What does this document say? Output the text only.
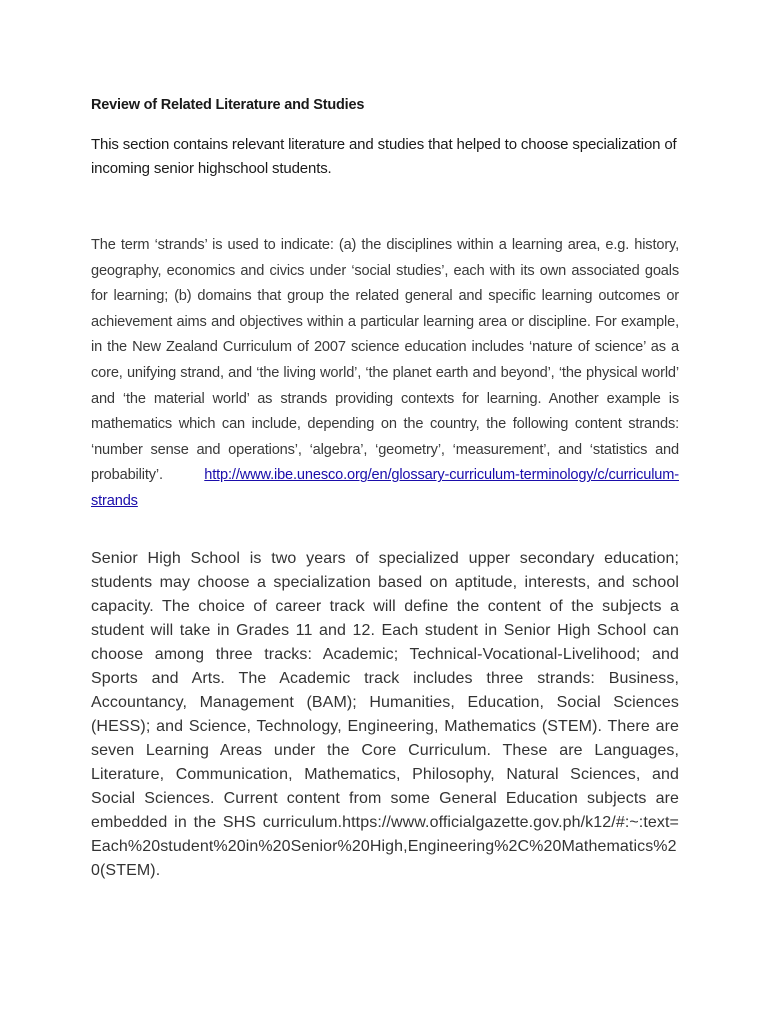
Review of Related Literature and Studies
This section contains relevant literature and studies that helped to choose specialization of incoming senior highschool students.
The term ‘strands’ is used to indicate: (a) the disciplines within a learning area, e.g. history, geography, economics and civics under ‘social studies’, each with its own associated goals for learning; (b) domains that group the related general and specific learning outcomes or achievement aims and objectives within a particular learning area or discipline. For example, in the New Zealand Curriculum of 2007 science education includes ‘nature of science’ as a core, unifying strand, and ‘the living world’, ‘the planet earth and beyond’, ‘the physical world’ and ‘the material world’ as strands providing contexts for learning. Another example is mathematics which can include, depending on the country, the following content strands: ‘number sense and operations’, ‘algebra’, ‘geometry’, ‘measurement’, and ‘statistics and probability’. http://www.ibe.unesco.org/en/glossary-curriculum-terminology/c/curriculum-strands
Senior High School is two years of specialized upper secondary education; students may choose a specialization based on aptitude, interests, and school capacity. The choice of career track will define the content of the subjects a student will take in Grades 11 and 12. Each student in Senior High School can choose among three tracks: Academic; Technical-Vocational-Livelihood; and Sports and Arts. The Academic track includes three strands: Business, Accountancy, Management (BAM); Humanities, Education, Social Sciences (HESS); and Science, Technology, Engineering, Mathematics (STEM). There are seven Learning Areas under the Core Curriculum. These are Languages, Literature, Communication, Mathematics, Philosophy, Natural Sciences, and Social Sciences. Current content from some General Education subjects are embedded in the SHS curriculum.https://www.officialgazette.gov.ph/k12/#:~:text=Each%20student%20in%20Senior%20High,Engineering%2C%20Mathematics%20(STEM).
